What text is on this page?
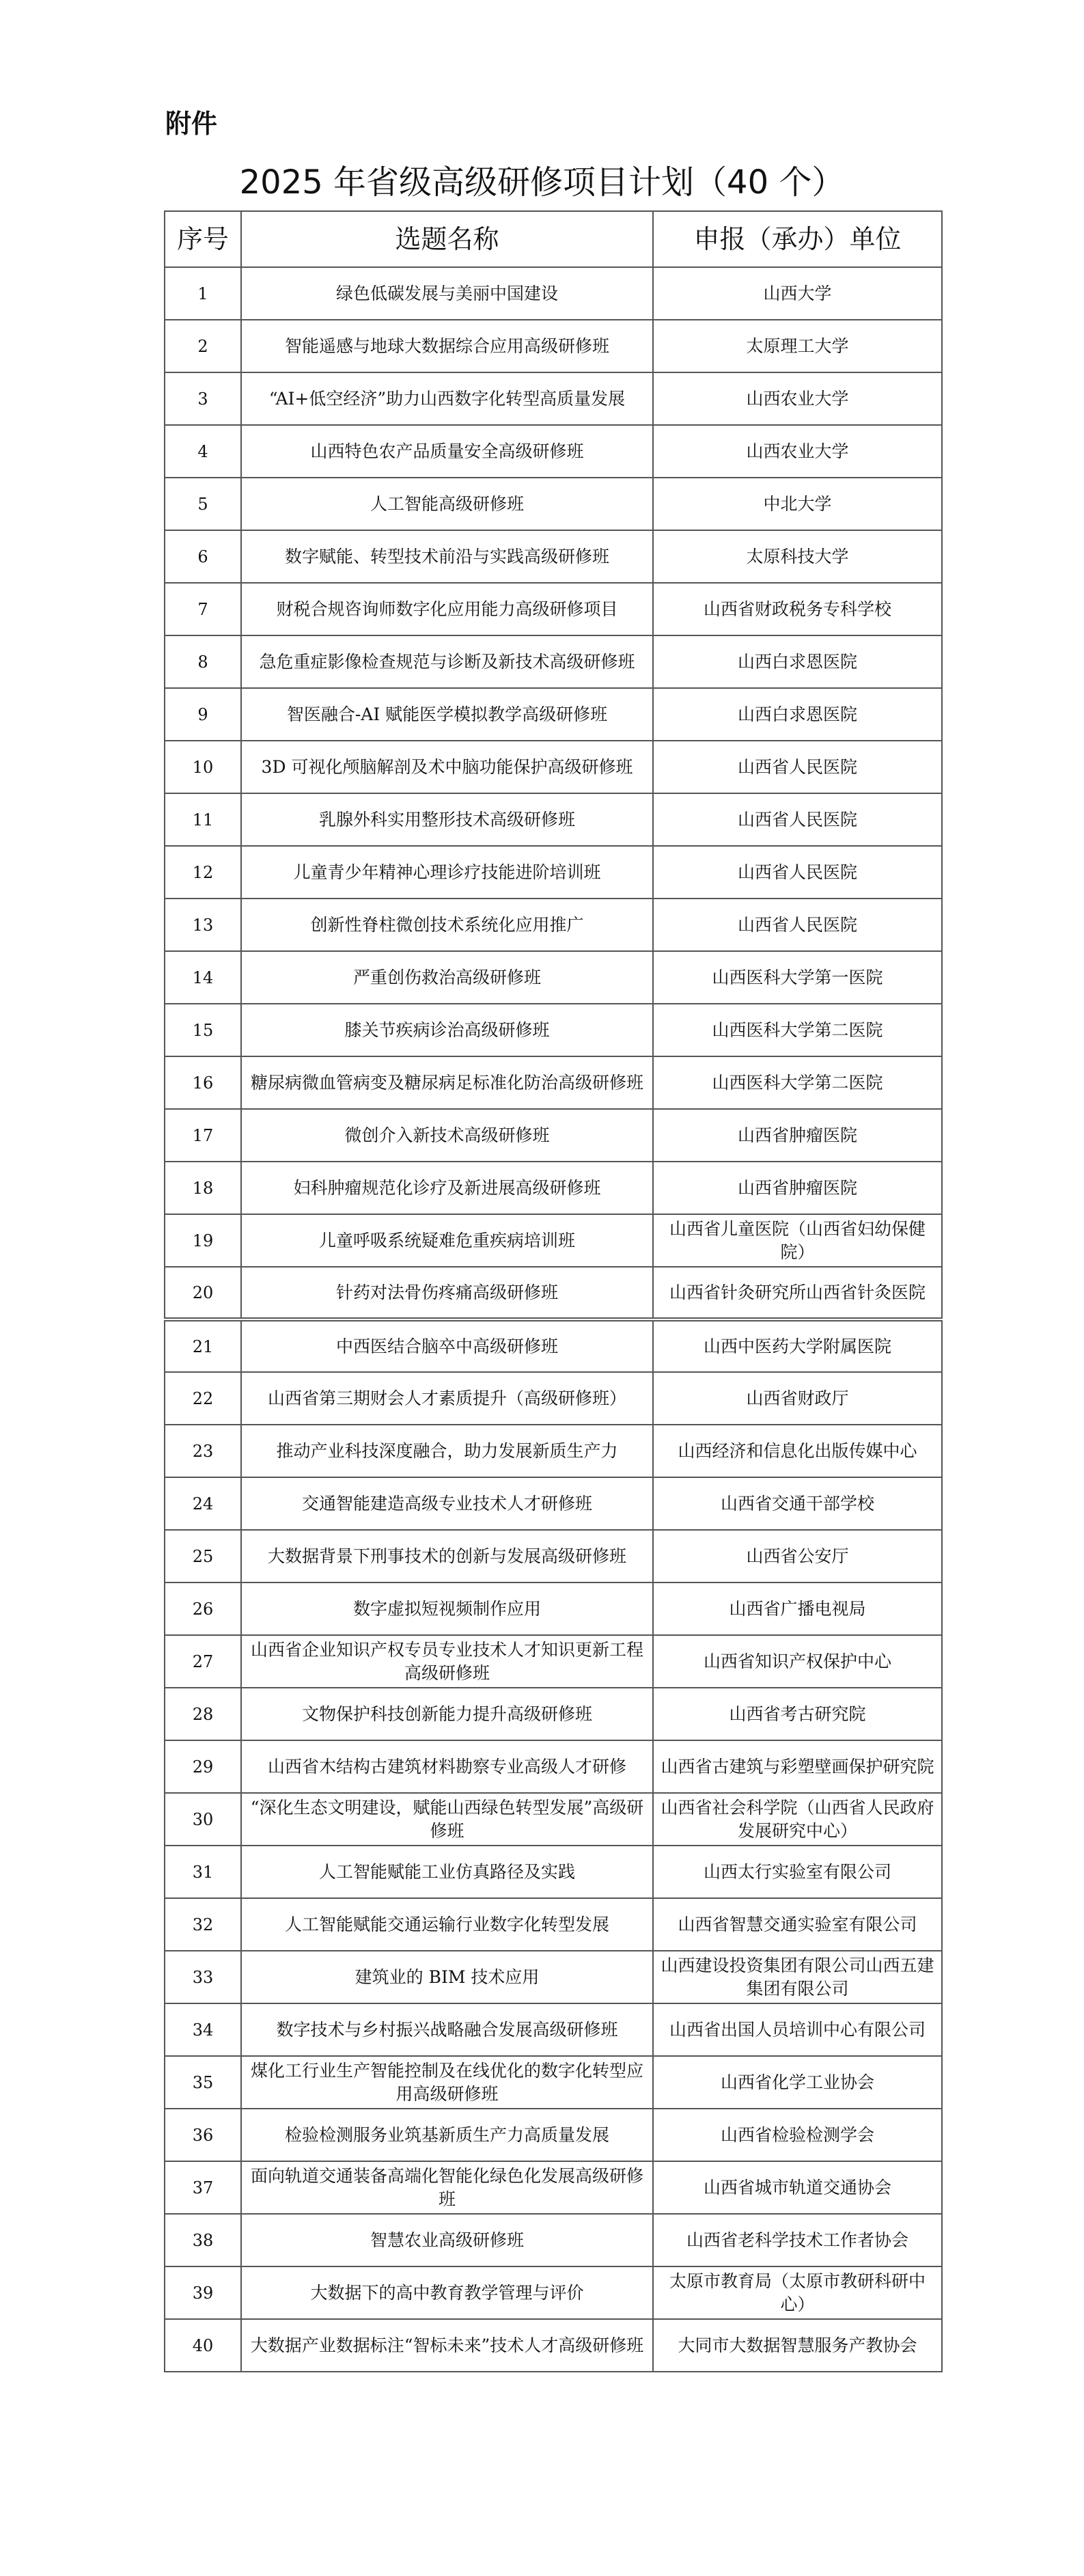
附件
2025 年省级高级研修项目计划（40 个）
序号	选题名称	申报（承办）单位
1	绿色低碳发展与美丽中国建设	山西大学
2	智能遥感与地球大数据综合应用高级研修班	太原理工大学
3	“AI+低空经济”助力山西数字化转型高质量发展	山西农业大学
4	山西特色农产品质量安全高级研修班	山西农业大学
5	人工智能高级研修班	中北大学
6	数字赋能、转型技术前沿与实践高级研修班	太原科技大学
7	财税合规咨询师数字化应用能力高级研修项目	山西省财政税务专科学校
8	急危重症影像检查规范与诊断及新技术高级研修班	山西白求恩医院
9	智医融合-AI 赋能医学模拟教学高级研修班	山西白求恩医院
10	3D 可视化颅脑解剖及术中脑功能保护高级研修班	山西省人民医院
11	乳腺外科实用整形技术高级研修班	山西省人民医院
12	儿童青少年精神心理诊疗技能进阶培训班	山西省人民医院
13	创新性脊柱微创技术系统化应用推广	山西省人民医院
14	严重创伤救治高级研修班	山西医科大学第一医院
15	膝关节疾病诊治高级研修班	山西医科大学第二医院
16	糖尿病微血管病变及糖尿病足标准化防治高级研修班	山西医科大学第二医院
17	微创介入新技术高级研修班	山西省肿瘤医院
18	妇科肿瘤规范化诊疗及新进展高级研修班	山西省肿瘤医院
19	儿童呼吸系统疑难危重疾病培训班	山西省儿童医院（山西省妇幼保健院）
20	针药对法骨伤疼痛高级研修班	山西省针灸研究所山西省针灸医院
21	中西医结合脑卒中高级研修班	山西中医药大学附属医院
22	山西省第三期财会人才素质提升（高级研修班）	山西省财政厅
23	推动产业科技深度融合，助力发展新质生产力	山西经济和信息化出版传媒中心
24	交通智能建造高级专业技术人才研修班	山西省交通干部学校
25	大数据背景下刑事技术的创新与发展高级研修班	山西省公安厅
26	数字虚拟短视频制作应用	山西省广播电视局
27	山西省企业知识产权专员专业技术人才知识更新工程高级研修班	山西省知识产权保护中心
28	文物保护科技创新能力提升高级研修班	山西省考古研究院
29	山西省木结构古建筑材料勘察专业高级人才研修	山西省古建筑与彩塑壁画保护研究院
30	“深化生态文明建设，赋能山西绿色转型发展”高级研修班	山西省社会科学院（山西省人民政府发展研究中心）
31	人工智能赋能工业仿真路径及实践	山西太行实验室有限公司
32	人工智能赋能交通运输行业数字化转型发展	山西省智慧交通实验室有限公司
33	建筑业的 BIM 技术应用	山西建设投资集团有限公司山西五建集团有限公司
34	数字技术与乡村振兴战略融合发展高级研修班	山西省出国人员培训中心有限公司
35	煤化工行业生产智能控制及在线优化的数字化转型应用高级研修班	山西省化学工业协会
36	检验检测服务业筑基新质生产力高质量发展	山西省检验检测学会
37	面向轨道交通装备高端化智能化绿色化发展高级研修班	山西省城市轨道交通协会
38	智慧农业高级研修班	山西省老科学技术工作者协会
39	大数据下的高中教育教学管理与评价	太原市教育局（太原市教研科研中心）
40	大数据产业数据标注“智标未来”技术人才高级研修班	大同市大数据智慧服务产教协会
